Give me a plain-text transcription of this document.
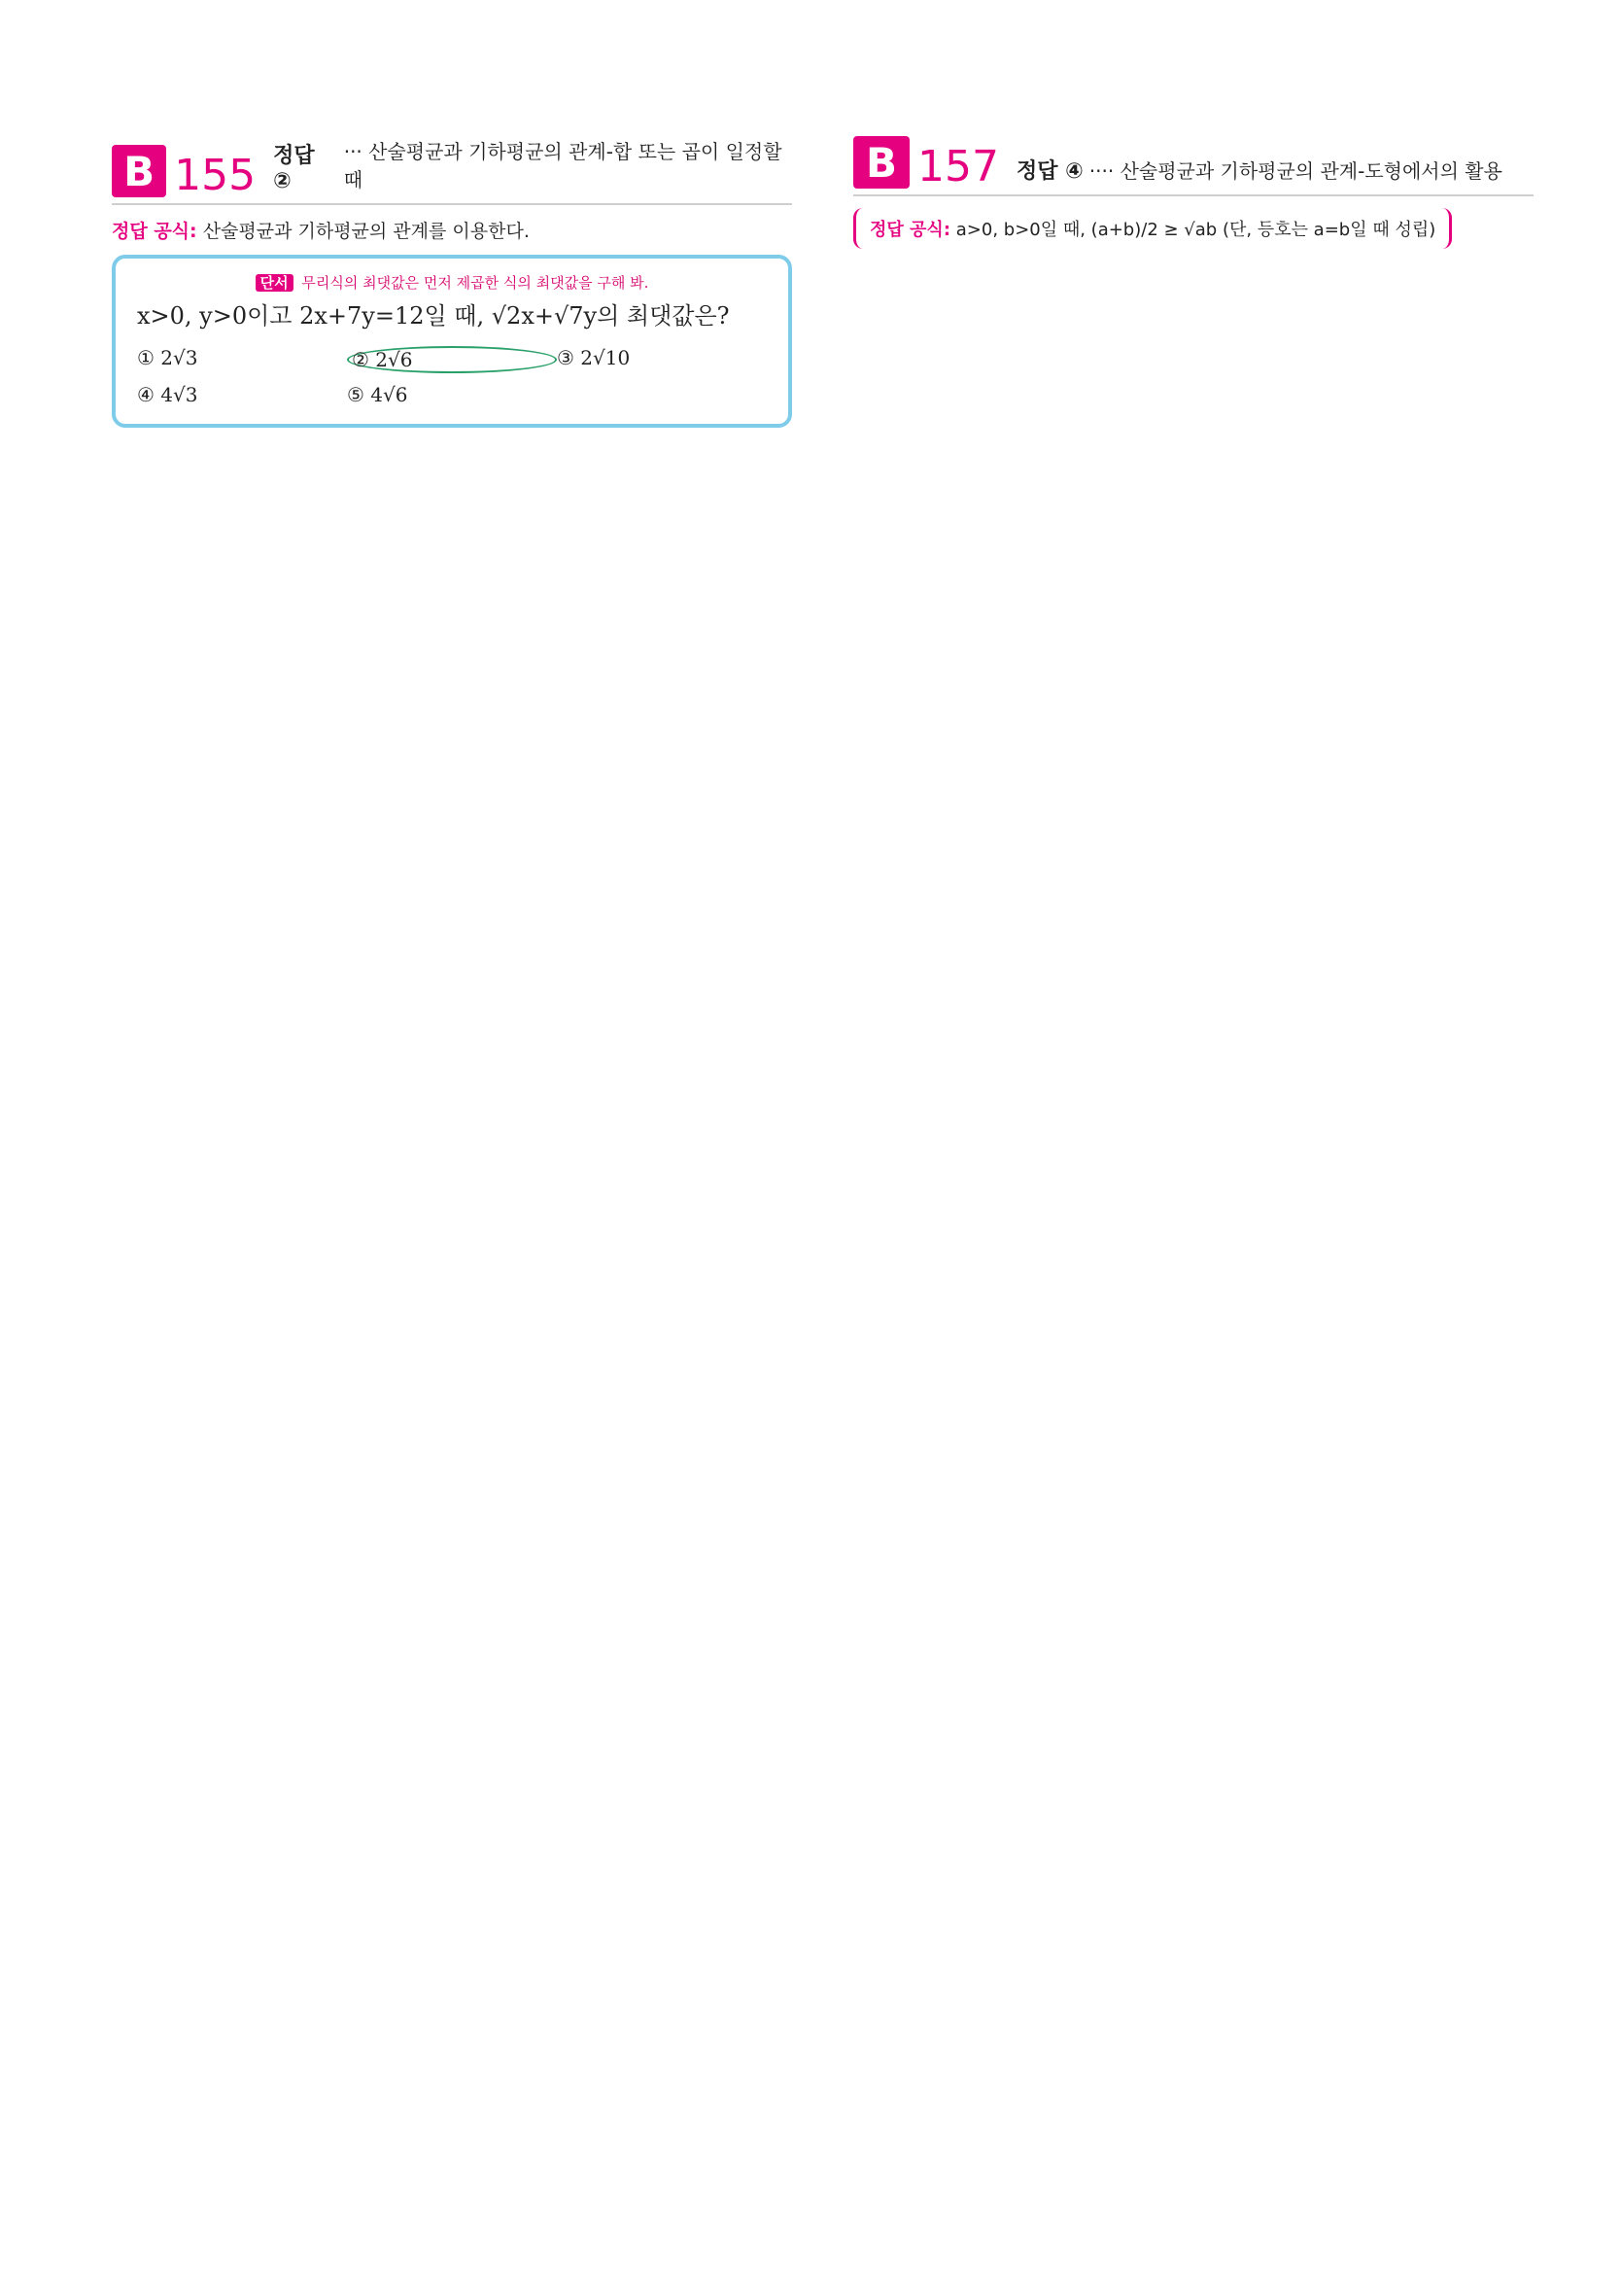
B 155 정답 ②
··· 산술평균과 기하평균의 관계-합 또는 곱이 일정할 때
정답 공식: 산술평균과 기하평균의 관계를 이용한다.
단서 무리식의 최댓값은 먼저 제곱한 식의 최댓값을 구해 봐.
x>0, y>0이고 2x+7y=12일 때, √2x+√7y의 최댓값은?
① 2√3	② 2√6	③ 2√10
④ 4√3	⑤ 4√6
B 157 정답 ④ ···· 산술평균과 기하평균의 관계-도형에서의 활용
정답 공식: a>0, b>0일 때, (a+b)/2 ≥ √ab (단, 등호는 a=b일 때 성립)
